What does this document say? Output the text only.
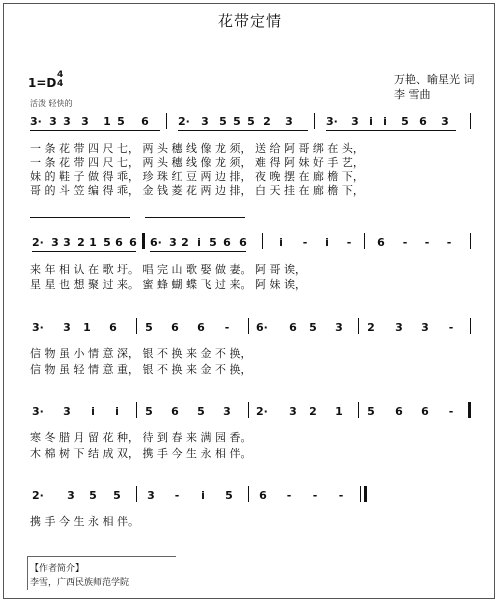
花带定情
1=D
4
4	万艳、喻星光 词
李 雪曲
活泼 轻快的
3· 3 3 3 1 5 6	2· 3 5 5 5 2 3	3· 3 i i 5 6 3
一 条 花 带 四 尺 七， 两 头 穗 线 像 龙 须， 送 给 阿 哥 绑 在 头，
一 条 花 带 四 尺 七， 两 头 穗 线 像 龙 须， 难 得 阿 妹 好 手 艺，
妹 的 鞋 子 做 得 乖， 珍 珠 红 豆 两 边 排， 夜 晚 摆 在 廊 檐 下，
哥 的 斗 笠 编 得 乖， 金 钱 菱 花 两 边 排， 白 天 挂 在 廊 檐 下，
2· 3 3 2 1 5 6 6 6· 3 2 i 5 6 6	i - i - 6 - - -
来 年 相 认 在 歌 圩。 唱 完 山 歌 娶 做 妻。 阿 哥 诶，
星 星 也 想 聚 过 来。 蜜 蜂 蝴 蝶 飞 过 来。 阿 妹 诶，
3· 3 1 6	5 6 6 - 6· 6 5 3 2 3 3 -
信 物 虽 小 情 意 深， 银 不 换 来 金 不 换，
信 物 虽 轻 情 意 重， 银 不 换 来 金 不 换，
3· 3 i i 5 6 5 3 2· 3 2 1 5 6 6 -
寒 冬 腊 月 留 花 种， 待 到 春 来 满 园 香。
木 棉 树 下 结 成 双， 携 手 今 生 永 相 伴。
2· 3 5 5 3 - i 5 6 - - -
携 手 今 生 永 相 伴。
【作者简介】
李雪，广西民族师范学院
